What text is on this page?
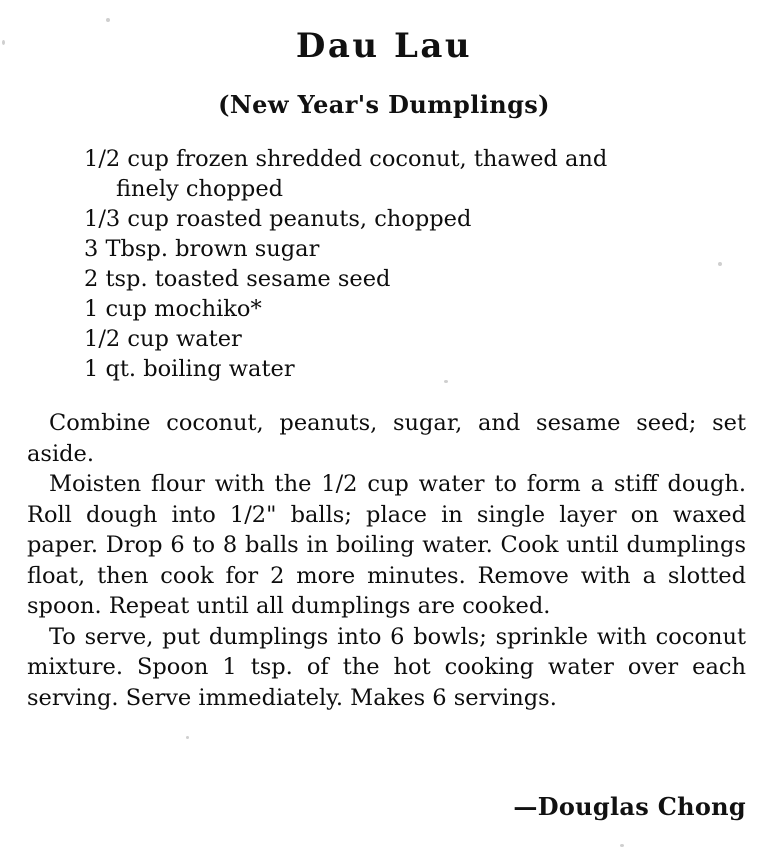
Dau Lau
(New Year's Dumplings)
1/2 cup frozen shredded coconut, thawed and
finely chopped
1/3 cup roasted peanuts, chopped
3 Tbsp. brown sugar
2 tsp. toasted sesame seed
1 cup mochiko*
1/2 cup water
1 qt. boiling water

Combine coconut, peanuts, sugar, and sesame seed; set aside.

Moisten flour with the 1/2 cup water to form a stiff dough. Roll dough into 1/2" balls; place in single layer on waxed paper. Drop 6 to 8 balls in boiling water. Cook until dumplings float, then cook for 2 more minutes. Remove with a slotted spoon. Repeat until all dumplings are cooked.

To serve, put dumplings into 6 bowls; sprinkle with coconut mixture. Spoon 1 tsp. of the hot cooking water over each serving. Serve immediately. Makes 6 servings.

—Douglas Chong
